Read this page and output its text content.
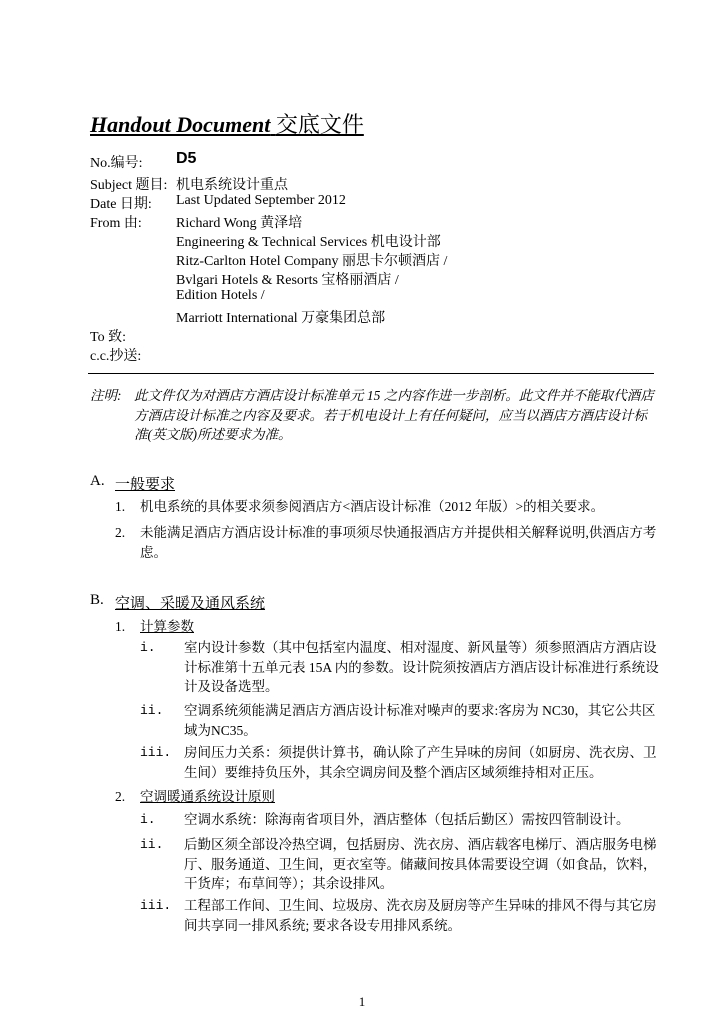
Handout Document 交底文件
No.编号: D5
Subject 题目: 机电系统设计重点
Date 日期: Last Updated September 2012
From 由: Richard Wong 黄泽培
Engineering & Technical Services 机电设计部
Ritz-Carlton Hotel Company 丽思卡尔顿酒店 /
Bvlgari Hotels & Resorts 宝格丽酒店 /
Edition Hotels /
Marriott International 万豪集团总部
To 致:
c.c.抄送:
注明: 此文件仅为对酒店方酒店设计标准单元 15 之内容作进一步剖析。此文件并不能取代酒店方酒店设计标准之内容及要求。若于机电设计上有任何疑问，应当以酒店方酒店设计标准(英文版)所述要求为准。
A. 一般要求
1. 机电系统的具体要求须参阅酒店方<酒店设计标准（2012 年版）>的相关要求。
2. 未能满足酒店方酒店设计标准的事项须尽快通报酒店方并提供相关解释说明,供酒店方考虑。
B. 空调、采暖及通风系统
1. 计算参数
i. 室内设计参数（其中包括室内温度、相对湿度、新风量等）须参照酒店方酒店设计标准第十五单元表 15A 内的参数。设计院须按酒店方酒店设计标准进行系统设计及设备选型。
ii. 空调系统须能满足酒店方酒店设计标准对噪声的要求:客房为 NC30，其它公共区域为NC35。
iii. 房间压力关系：须提供计算书，确认除了产生异味的房间（如厨房、洗衣房、卫生间）要维持负压外，其余空调房间及整个酒店区域须维持相对正压。
2. 空调暖通系统设计原则
i. 空调水系统：除海南省项目外，酒店整体（包括后勤区）需按四管制设计。
ii. 后勤区须全部设冷热空调，包括厨房、洗衣房、酒店载客电梯厅、酒店服务电梯厅、服务通道、卫生间，更衣室等。储藏间按具体需要设空调（如食品，饮料，干货库；布草间等）；其余设排风。
iii. 工程部工作间、卫生间、垃圾房、洗衣房及厨房等产生异味的排风不得与其它房间共享同一排风系统; 要求各设专用排风系统。
1
